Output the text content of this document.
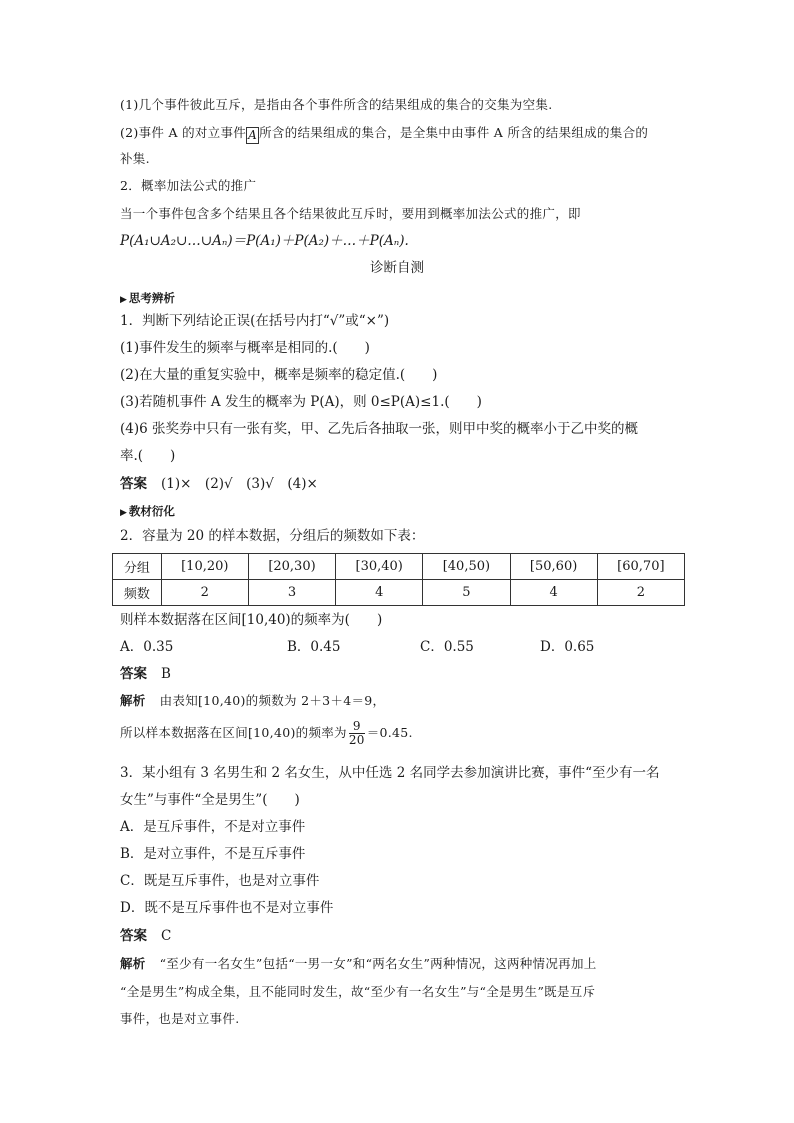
(1)几个事件彼此互斥，是指由各个事件所含的结果组成的集合的交集为空集.
(2)事件 A 的对立事件 A 所含的结果组成的集合，是全集中由事件 A 所含的结果组成的集合的
补集.
2．概率加法公式的推广
当一个事件包含多个结果且各个结果彼此互斥时，要用到概率加法公式的推广，即
P(A₁∪A₂∪…∪Aₙ)＝P(A₁)＋P(A₂)＋…＋P(Aₙ).
诊断自测
▶ 思考辨析
1．判断下列结论正误(在括号内打“√”或“×”)
(1)事件发生的频率与概率是相同的.(　　)
(2)在大量的重复实验中，概率是频率的稳定值.(　　)
(3)若随机事件 A 发生的概率为 P(A)，则 0≤P(A)≤1.(　　)
(4)6 张奖券中只有一张有奖，甲、乙先后各抽取一张，则甲中奖的概率小于乙中奖的概
率.(　　)
答案 (1)×　(2)√　(3)√　(4)×
▶ 教材衍化
2．容量为 20 的样本数据，分组后的频数如下表：
分组	[10,20)	[20,30)	[30,40)	[40,50)	[50,60)	[60,70]
频数	2	3	4	5	4	2
则样本数据落在区间[10,40)的频率为(　　)
A．0.35	B．0.45	C．0.55	D．0.65
答案 B
解析 由表知[10,40)的频数为 2＋3＋4＝9，
所以样本数据落在区间[10,40)的频率为 $\frac{9}{20} =0.45$.
3．某小组有 3 名男生和 2 名女生，从中任选 2 名同学去参加演讲比赛，事件“至少有一名
女生”与事件“全是男生”(　　)
A．是互斥事件，不是对立事件
B．是对立事件，不是互斥事件
C．既是互斥事件，也是对立事件
D．既不是互斥事件也不是对立事件
答案 C
解析 “至少有一名女生”包括“一男一女”和“两名女生”两种情况，这两种情况再加上
“全是男生”构成全集，且不能同时发生，故“至少有一名女生”与“全是男生”既是互斥
事件，也是对立事件.
